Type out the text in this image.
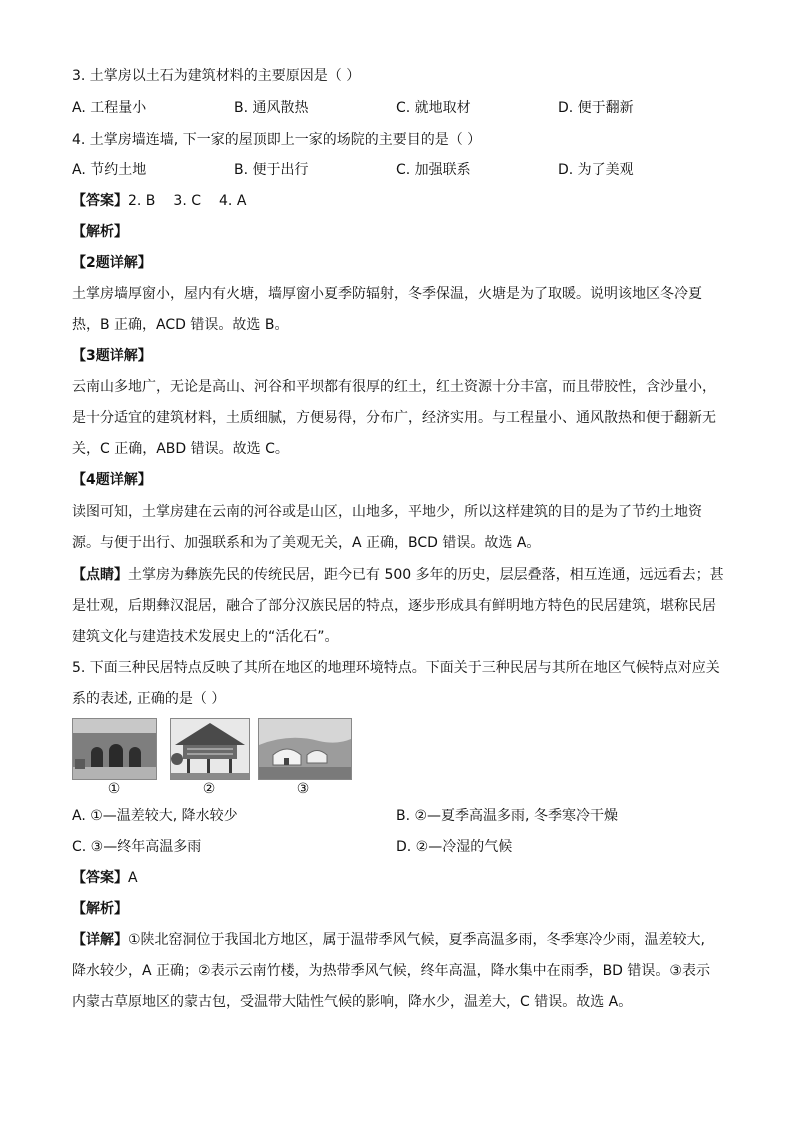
3. 土掌房以土石为建筑材料的主要原因是（ ）
A. 工程量小	B. 通风散热	C. 就地取材	D. 便于翻新
4. 土掌房墙连墙, 下一家的屋顶即上一家的场院的主要目的是（ ）
A. 节约土地	B. 便于出行	C. 加强联系	D. 为了美观
【答案】2. B 3. C 4. A
【解析】
【2题详解】
土掌房墙厚窗小，屋内有火塘，墙厚窗小夏季防辐射，冬季保温，火塘是为了取暖。说明该地区冬冷夏
热，B 正确，ACD 错误。故选 B。
【3题详解】
云南山多地广，无论是高山、河谷和平坝都有很厚的红土，红土资源十分丰富，而且带胶性，含沙量小，
是十分适宜的建筑材料，土质细腻，方便易得，分布广，经济实用。与工程量小、通风散热和便于翻新无
关，C 正确，ABD 错误。故选 C。
【4题详解】
读图可知，土掌房建在云南的河谷或是山区，山地多，平地少，所以这样建筑的目的是为了节约土地资
源。与便于出行、加强联系和为了美观无关，A 正确，BCD 错误。故选 A。
【点睛】土掌房为彝族先民的传统民居，距今已有 500 多年的历史，层层叠落，相互连通，远远看去；甚
是壮观，后期彝汉混居，融合了部分汉族民居的特点，逐步形成具有鲜明地方特色的民居建筑，堪称民居
建筑文化与建造技术发展史上的“活化石”。
5. 下面三种民居特点反映了其所在地区的地理环境特点。下面关于三种民居与其所在地区气候特点对应关
系的表述, 正确的是（ ）
①	②	③
A. ①—温差较大, 降水较少	B. ②—夏季高温多雨, 冬季寒冷干燥
C. ③—终年高温多雨	D. ②—冷湿的气候
【答案】A
【解析】
【详解】①陕北窑洞位于我国北方地区，属于温带季风气候，夏季高温多雨，冬季寒冷少雨，温差较大,
降水较少，A 正确；②表示云南竹楼，为热带季风气候，终年高温，降水集中在雨季，BD 错误。③表示
内蒙古草原地区的蒙古包，受温带大陆性气候的影响，降水少，温差大，C 错误。故选 A。
